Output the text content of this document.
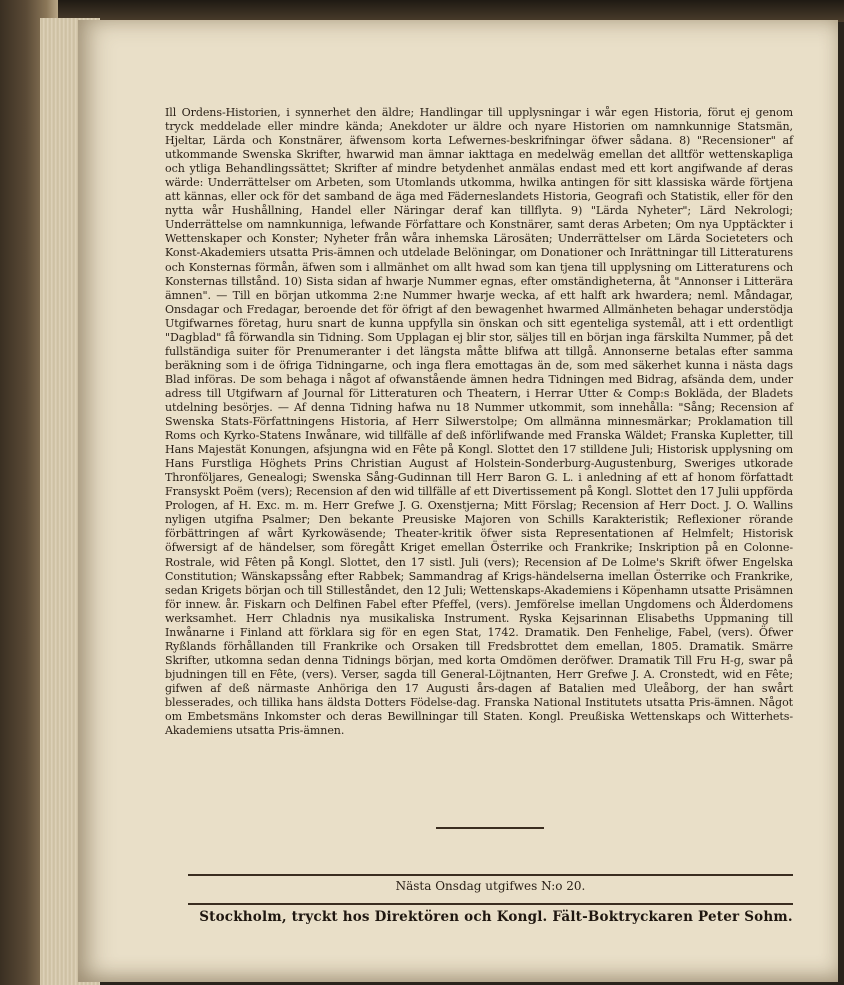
Ill Ordens-Historien, i synnerhet den äldre; Handlingar till upplysningar i wår egen Historia, förut ej genom tryck meddelade eller mindre kända; Anekdoter ur äldre och nyare Historien om namnkunnige Statsmän, Hjeltar, Lärda och Konstnärer, äfwensom korta Lefwernes-beskrifningar öfwer sådana. 8) "Recensioner" af utkommande Swenska Skrifter, hwarwid man ämnar iakttaga en medelwäg emellan det alltför wettenskapliga och ytliga Behandlingssättet; Skrifter af mindre betydenhet anmälas endast med ett kort angifwande af deras wärde: Underrättelser om Arbeten, som Utomlands utkomma, hwilka antingen för sitt klassiska wärde förtjena att kännas, eller ock för det samband de äga med Fäderneslandets Historia, Geografi och Statistik, eller för den nytta wår Hushållning, Handel eller Näringar deraf kan tillflyta. 9) "Lärda Nyheter"; Lärd Nekrologi; Underrättelse om namnkunniga, lefwande Författare och Konstnärer, samt deras Arbeten; Om nya Upptäckter i Wettenskaper och Konster; Nyheter från wåra inhemska Lärosäten; Underrättelser om Lärda Societeters och Konst-Akademiers utsatta Pris-ämnen och utdelade Belöningar, om Donationer och Inrättningar till Litteraturens och Konsternas förmån, äfwen som i allmänhet om allt hwad som kan tjena till upplysning om Litteraturens och Konsternas tillstånd. 10) Sista sidan af hwarje Nummer egnas, efter omständigheterna, åt "Annonser i Litterära ämnen". — Till en början utkomma 2:ne Nummer hwarje wecka, af ett halft ark hwardera; neml. Måndagar, Onsdagar och Fredagar, beroende det för öfrigt af den bewagenhet hwarmed Allmänheten behagar understödja Utgifwarnes företag, huru snart de kunna uppfylla sin önskan och sitt egenteliga systemål, att i ett ordentligt "Dagblad" få förwandla sin Tidning. Som Upplagan ej blir stor, säljes till en början inga färskilta Nummer, på det fullständiga suiter för Prenumeranter i det längsta måtte blifwa att tillgå. Annonserne betalas efter samma beräkning som i de öfriga Tidningarne, och inga flera emottagas än de, som med säkerhet kunna i nästa dags Blad införas. De som behaga i något af ofwanstående ämnen hedra Tidningen med Bidrag, afsända dem, under adress till Utgifwarn af Journal för Litteraturen och Theatern, i Herrar Utter & Comp:s Bokläda, der Bladets utdelning besörjes. — Af denna Tidning hafwa nu 18 Nummer utkommit, som innehålla: "Sång; Recension af Swenska Stats-Författningens Historia, af Herr Silwerstolpe; Om allmänna minnesmärkar; Proklamation till Roms och Kyrko-Statens Inwånare, wid tillfälle af deß införlifwande med Franska Wäldet; Franska Kupletter, till Hans Majestät Konungen, afsjungna wid en Fête på Kongl. Slottet den 17 stilldene Juli; Historisk upplysning om Hans Furstliga Höghets Prins Christian August af Holstein-Sonderburg-Augustenburg, Sweriges utkorade Thronföljares, Genealogi; Swenska Sång-Gudinnan till Herr Baron G. L. i anledning af ett af honom författadt Fransyskt Poëm (vers); Recension af den wid tillfälle af ett Divertissement på Kongl. Slottet den 17 Julii uppförda Prologen, af H. Exc. m. m. Herr Grefwe J. G. Oxenstjerna; Mitt Förslag; Recension af Herr Doct. J. O. Wallins nyligen utgifna Psalmer; Den bekante Preusiske Majoren von Schills Karakteristik; Reflexioner rörande förbättringen af wårt Kyrkowäsende; Theater-kritik öfwer sista Representationen af Helmfelt; Historisk öfwersigt af de händelser, som föregått Kriget emellan Österrike och Frankrike; Inskription på en Colonne-Rostrale, wid Fêten på Kongl. Slottet, den 17 sistl. Juli (vers); Recension af De Lolme's Skrift öfwer Engelska Constitution; Wänskapssång efter Rabbek; Sammandrag af Krigs-händelserna imellan Österrike och Frankrike, sedan Krigets början och till Stilleståndet, den 12 Juli; Wettenskaps-Akademiens i Köpenhamn utsatte Prisämnen för innew. år. Fiskarn och Delfinen Fabel efter Pfeffel, (vers). Jemförelse imellan Ungdomens och Ålderdomens werksamhet. Herr Chladnis nya musikaliska Instrument. Ryska Kejsarinnan Elisabeths Uppmaning till Inwånarne i Finland att förklara sig för en egen Stat, 1742. Dramatik. Den Fenhelige, Fabel, (vers). Öfwer Ryßlands förhållanden till Frankrike och Orsaken till Fredsbrottet dem emellan, 1805. Dramatik. Smärre Skrifter, utkomna sedan denna Tidnings början, med korta Omdömen deröfwer. Dramatik Till Fru H-g, swar på bjudningen till en Fête, (vers). Verser, sagda till General-Löjtnanten, Herr Grefwe J. A. Cronstedt, wid en Fête; gifwen af deß närmaste Anhöriga den 17 Augusti års-dagen af Batalien med Uleåborg, der han swårt blesserades, och tillika hans äldsta Dotters Födelse-dag. Franska National Institutets utsatta Pris-ämnen. Något om Embetsmäns Inkomster och deras Bewillningar till Staten. Kongl. Preußiska Wettenskaps och Witterhets-Akademiens utsatta Pris-ämnen.
Nästa Onsdag utgifwes N:o 20.
Stockholm, tryckt hos Direktören och Kongl. Fält-Boktryckaren Peter Sohm.
